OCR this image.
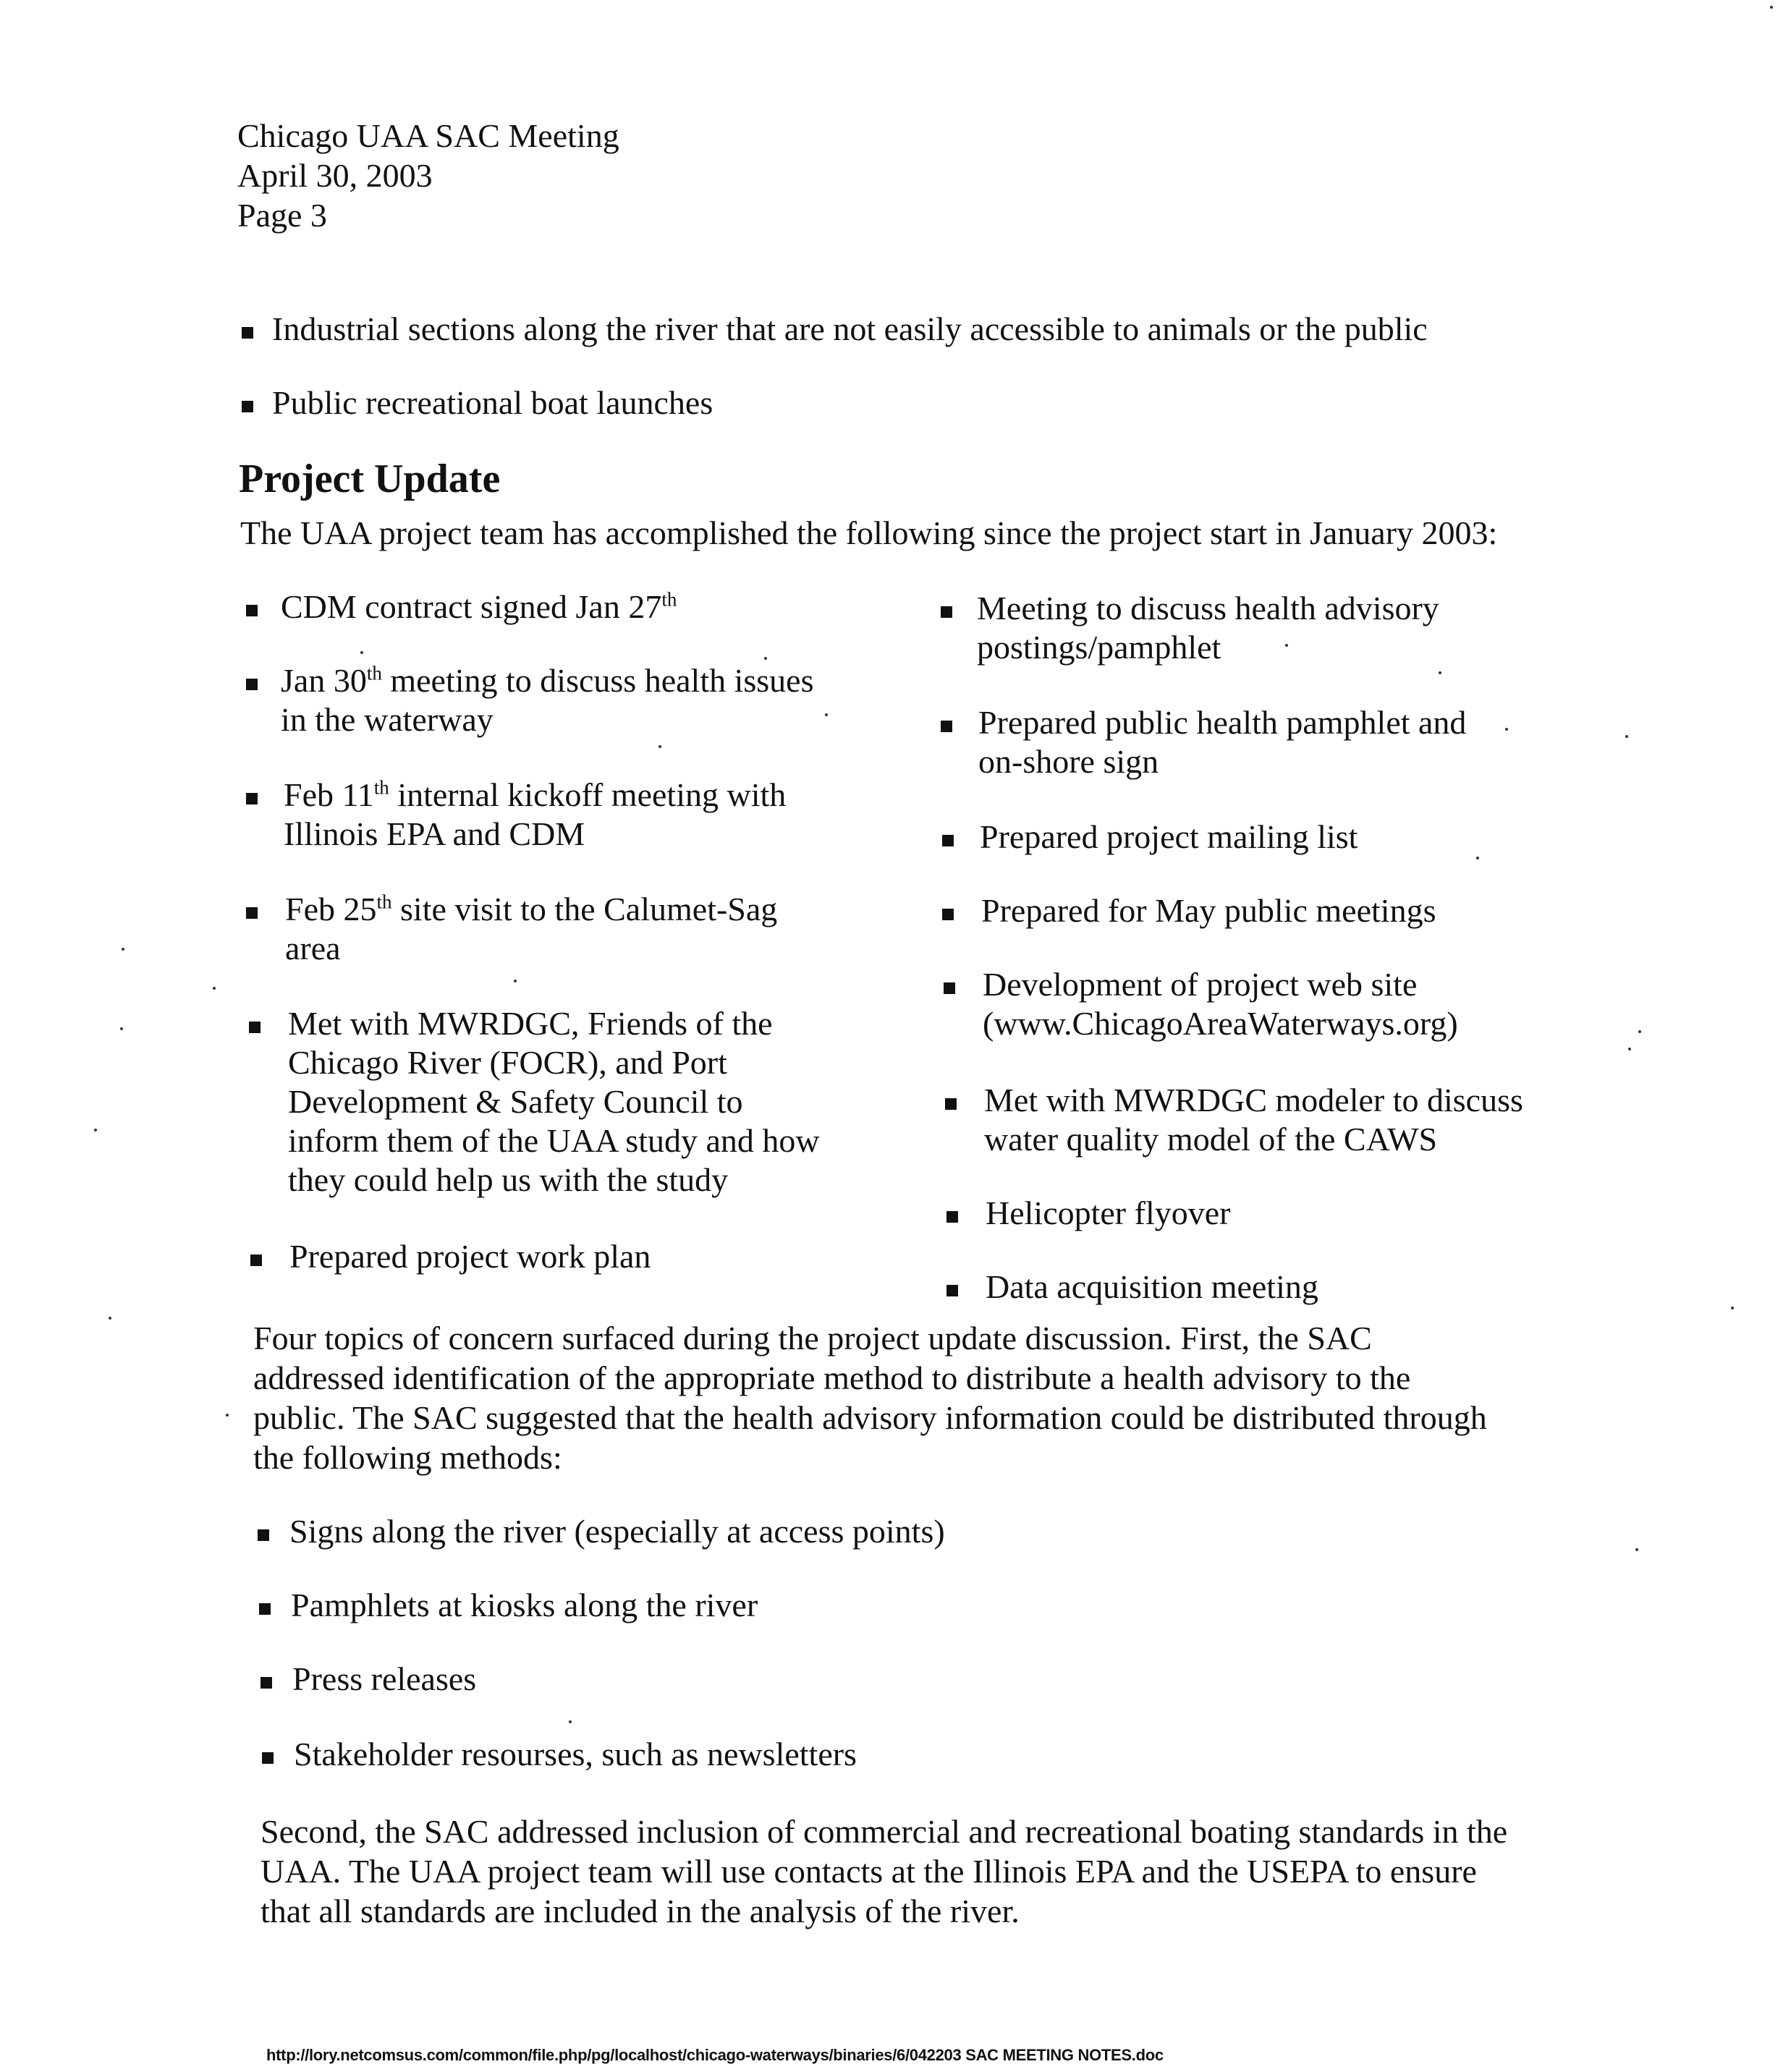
Chicago UAA SAC Meeting
April 30, 2003
Page 3
Industrial sections along the river that are not easily accessible to animals or the public
Public recreational boat launches
Project Update
The UAA project team has accomplished the following since the project start in January 2003:
CDM contract signed Jan 27th
Jan 30th meeting to discuss health issues
in the waterway
Feb 11th internal kickoff meeting with
Illinois EPA and CDM
Feb 25th site visit to the Calumet-Sag
area
Met with MWRDGC, Friends of the
Chicago River (FOCR), and Port
Development & Safety Council to
inform them of the UAA study and how
they could help us with the study
Prepared project work plan
Meeting to discuss health advisory
postings/pamphlet
Prepared public health pamphlet and
on-shore sign
Prepared project mailing list
Prepared for May public meetings
Development of project web site
(www.ChicagoAreaWaterways.org)
Met with MWRDGC modeler to discuss
water quality model of the CAWS
Helicopter flyover
Data acquisition meeting
Four topics of concern surfaced during the project update discussion. First, the SAC
addressed identification of the appropriate method to distribute a health advisory to the
public. The SAC suggested that the health advisory information could be distributed through
the following methods:
Signs along the river (especially at access points)
Pamphlets at kiosks along the river
Press releases
Stakeholder resourses, such as newsletters
Second, the SAC addressed inclusion of commercial and recreational boating standards in the
UAA. The UAA project team will use contacts at the Illinois EPA and the USEPA to ensure
that all standards are included in the analysis of the river.
http://lory.netcomsus.com/common/file.php/pg/localhost/chicago-waterways/binaries/6/042203 SAC MEETING NOTES.doc
